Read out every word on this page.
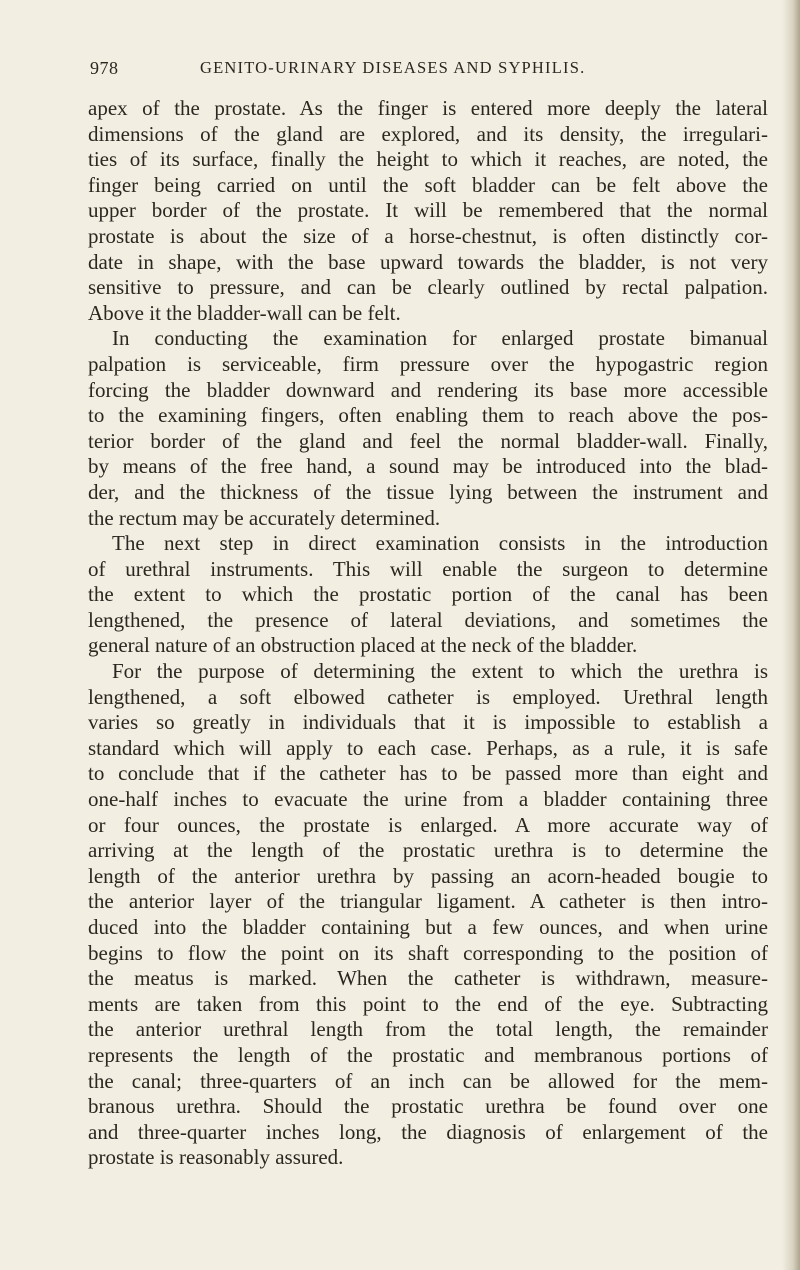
978	GENITO-URINARY DISEASES AND SYPHILIS.
apex of the prostate. As the finger is entered more deeply the lateral
dimensions of the gland are explored, and its density, the irregulari-
ties of its surface, finally the height to which it reaches, are noted, the
finger being carried on until the soft bladder can be felt above the
upper border of the prostate. It will be remembered that the normal
prostate is about the size of a horse-chestnut, is often distinctly cor-
date in shape, with the base upward towards the bladder, is not very
sensitive to pressure, and can be clearly outlined by rectal palpation.
Above it the bladder-wall can be felt.
In conducting the examination for enlarged prostate bimanual
palpation is serviceable, firm pressure over the hypogastric region
forcing the bladder downward and rendering its base more accessible
to the examining fingers, often enabling them to reach above the pos-
terior border of the gland and feel the normal bladder-wall. Finally,
by means of the free hand, a sound may be introduced into the blad-
der, and the thickness of the tissue lying between the instrument and
the rectum may be accurately determined.
The next step in direct examination consists in the introduction
of urethral instruments. This will enable the surgeon to determine
the extent to which the prostatic portion of the canal has been
lengthened, the presence of lateral deviations, and sometimes the
general nature of an obstruction placed at the neck of the bladder.
For the purpose of determining the extent to which the urethra is
lengthened, a soft elbowed catheter is employed. Urethral length
varies so greatly in individuals that it is impossible to establish a
standard which will apply to each case. Perhaps, as a rule, it is safe
to conclude that if the catheter has to be passed more than eight and
one-half inches to evacuate the urine from a bladder containing three
or four ounces, the prostate is enlarged. A more accurate way of
arriving at the length of the prostatic urethra is to determine the
length of the anterior urethra by passing an acorn-headed bougie to
the anterior layer of the triangular ligament. A catheter is then intro-
duced into the bladder containing but a few ounces, and when urine
begins to flow the point on its shaft corresponding to the position of
the meatus is marked. When the catheter is withdrawn, measure-
ments are taken from this point to the end of the eye. Subtracting
the anterior urethral length from the total length, the remainder
represents the length of the prostatic and membranous portions of
the canal; three-quarters of an inch can be allowed for the mem-
branous urethra. Should the prostatic urethra be found over one
and three-quarter inches long, the diagnosis of enlargement of the
prostate is reasonably assured.
